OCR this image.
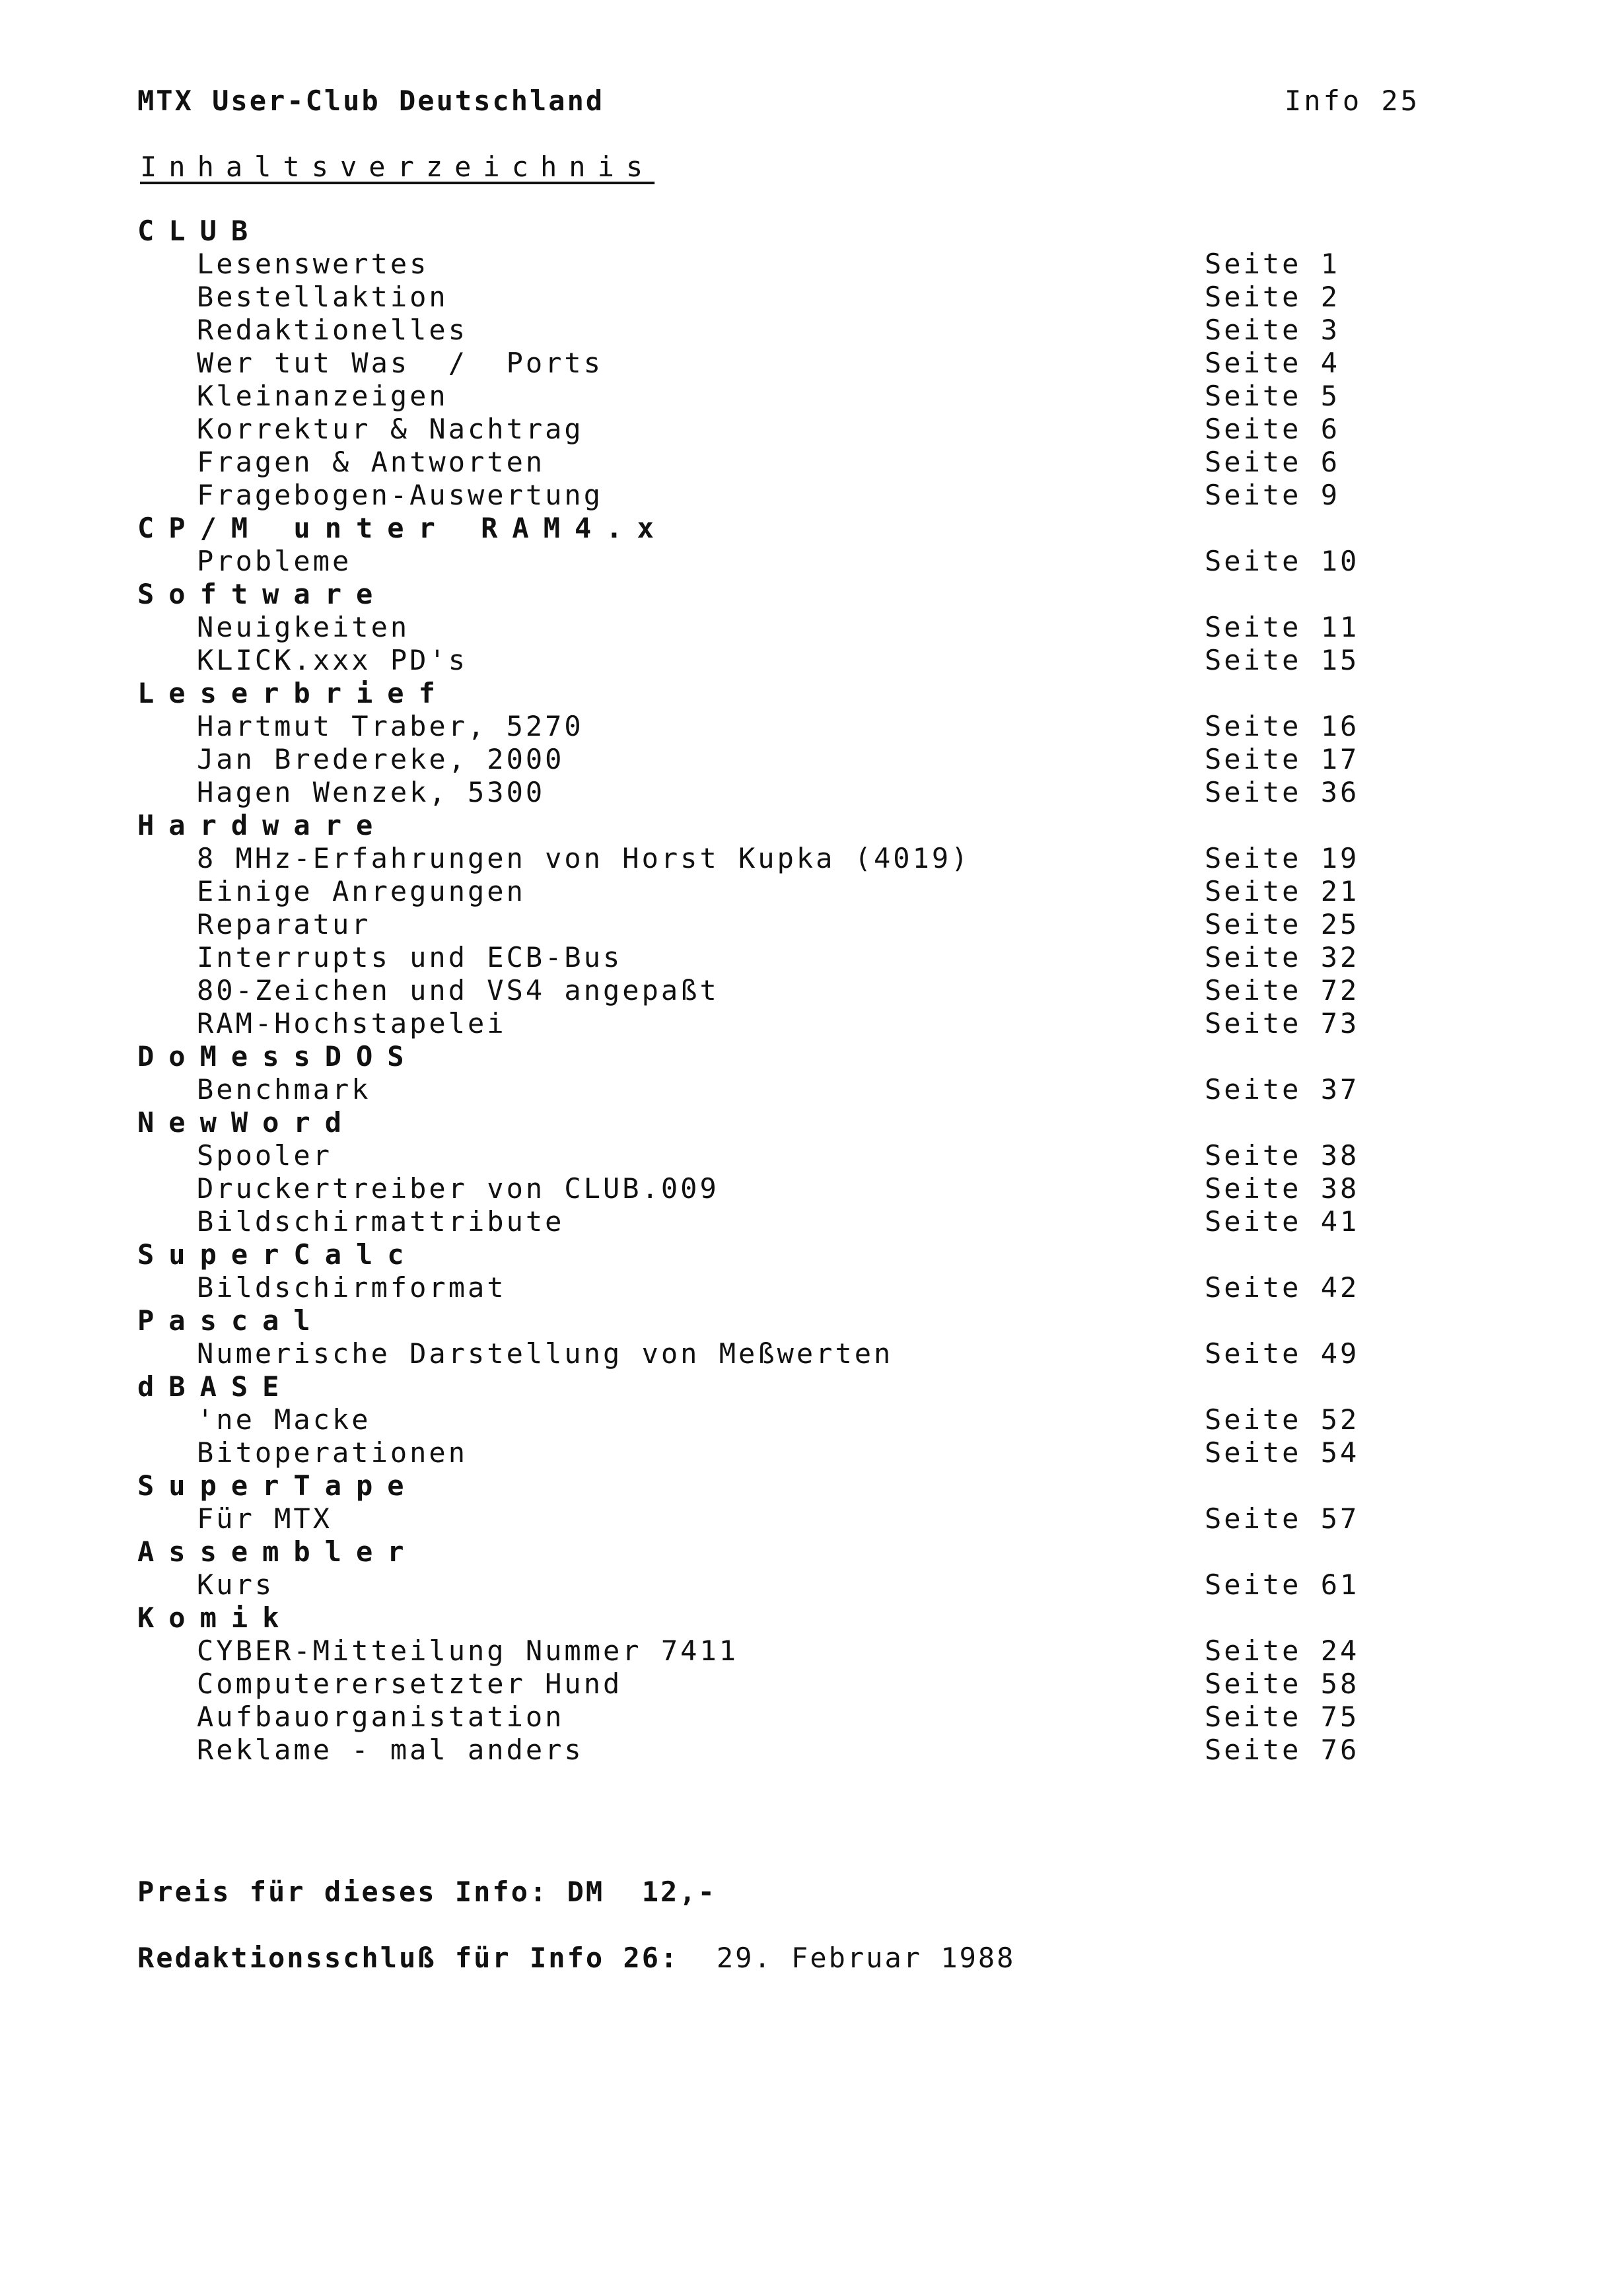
MTX User-Club Deutschland	Info 25
Inhaltsverzeichnis
CLUB
Lesenswertes	Seite 1
Bestellaktion	Seite 2
Redaktionelles	Seite 3
Wer tut Was  /  Ports	Seite 4
Kleinanzeigen	Seite 5
Korrektur & Nachtrag	Seite 6
Fragen & Antworten	Seite 6
Fragebogen-Auswertung	Seite 9
CP/M unter RAM4.x
Probleme	Seite 10
Software
Neuigkeiten	Seite 11
KLICK.xxx PD's	Seite 15
Leserbrief
Hartmut Traber, 5270	Seite 16
Jan Bredereke, 2000	Seite 17
Hagen Wenzek, 5300	Seite 36
Hardware
8 MHz-Erfahrungen von Horst Kupka (4019)	Seite 19
Einige Anregungen	Seite 21
Reparatur	Seite 25
Interrupts und ECB-Bus	Seite 32
80-Zeichen und VS4 angepaßt	Seite 72
RAM-Hochstapelei	Seite 73
DoMessDOS
Benchmark	Seite 37
NewWord
Spooler	Seite 38
Druckertreiber von CLUB.009	Seite 38
Bildschirmattribute	Seite 41
SuperCalc
Bildschirmformat	Seite 42
Pascal
Numerische Darstellung von Meßwerten	Seite 49
dBASE
'ne Macke	Seite 52
Bitoperationen	Seite 54
SuperTape
Für MTX	Seite 57
Assembler
Kurs	Seite 61
Komik
CYBER-Mitteilung Nummer 7411	Seite 24
Computerersetzter Hund	Seite 58
Aufbauorganistation	Seite 75
Reklame - mal anders	Seite 76
Preis für dieses Info: DM  12,-
Redaktionsschluß für Info 26: 29. Februar 1988
